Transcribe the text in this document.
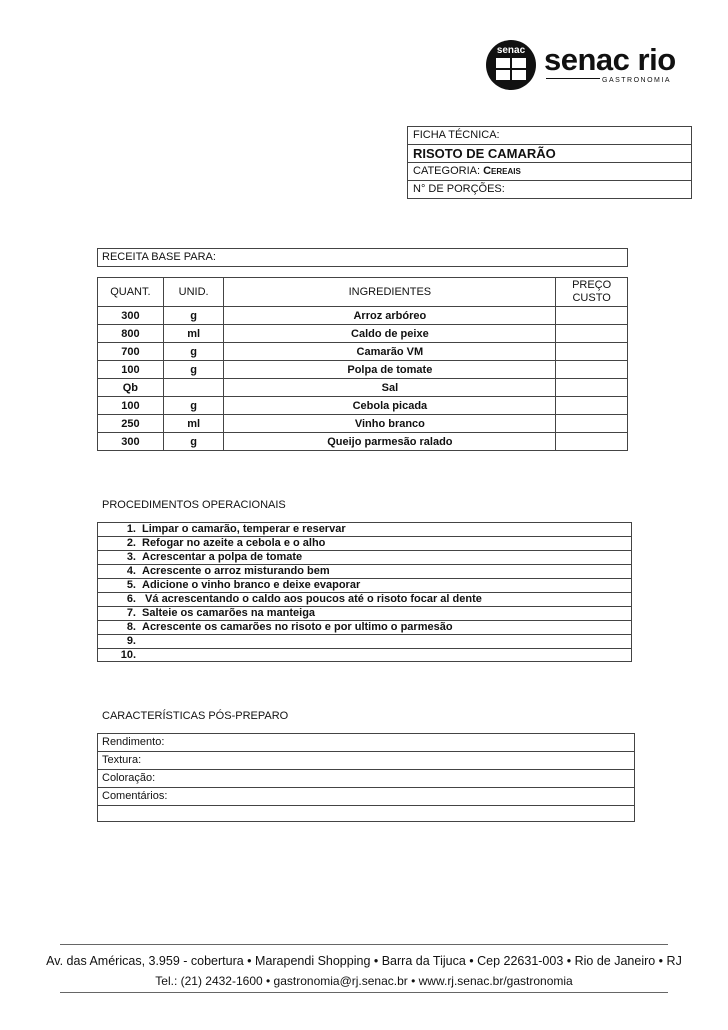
senac senac rio
GASTRONOMIA
FICHA TÉCNICA:
RISOTO DE CAMARÃO
CATEGORIA: Cereais
N° DE PORÇÕES:
RECEITA BASE PARA:
QUANT.	UNID.	INGREDIENTES	PREÇO
CUSTO

300	g	Arroz arbóreo	
800	ml	Caldo de peixe	
700	g	Camarão VM	
100	g	Polpa de tomate	
Qb		Sal	
100	g	Cebola picada	
250	ml	Vinho branco	
300	g	Queijo parmesão ralado	
PROCEDIMENTOS OPERACIONAIS
1. Limpar o camarão, temperar e reservar
2. Refogar no azeite a cebola e o alho
3. Acrescentar a polpa de tomate
4. Acrescente o arroz misturando bem
5. Adicione o vinho branco e deixe evaporar
6. Vá acrescentando o caldo aos poucos até o risoto focar al dente
7. Salteie os camarões na manteiga
8. Acrescente os camarões no risoto e por ultimo o parmesão
9.
10.
CARACTERÍSTICAS PÓS-PREPARO
Rendimento:
Textura:
Coloração:
Comentários:
Av. das Américas, 3.959 - cobertura • Marapendi Shopping • Barra da Tijuca • Cep 22631-003 • Rio de Janeiro • RJ
Tel.: (21) 2432-1600 • gastronomia@rj.senac.br • www.rj.senac.br/gastronomia
